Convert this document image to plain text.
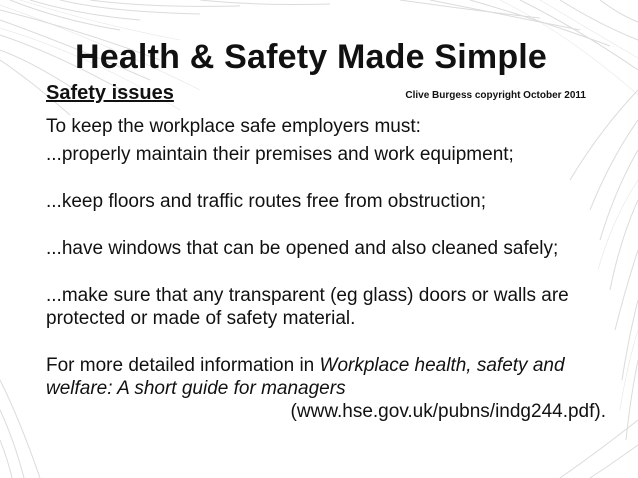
Health & Safety Made Simple
Safety issues	Clive Burgess copyright October 2011

To keep the workplace safe employers must:

...properly maintain their premises and work equipment;

...keep floors and traffic routes free from obstruction;

...have windows that can be opened and also cleaned safely;

...make sure that any transparent (eg glass) doors or walls are protected or made of safety material.

For more detailed information in Workplace health, safety and welfare: A short guide for managers
(www.hse.gov.uk/pubns/indg244.pdf).
